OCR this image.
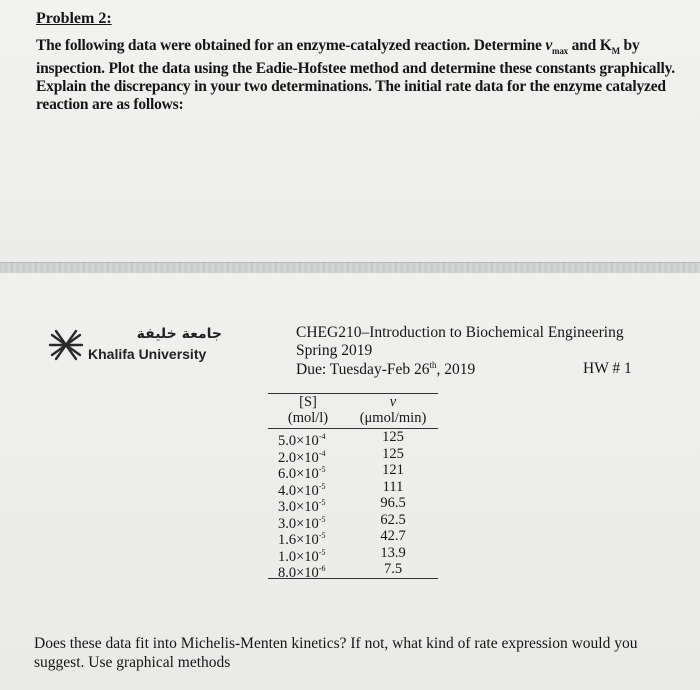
Problem 2:
The following data were obtained for an enzyme-catalyzed reaction. Determine $v_{max}$ and $K_M$ by inspection. Plot the data using the Eadie-Hofstee method and determine these constants graphically. Explain the discrepancy in your two determinations. The initial rate data for the enzyme catalyzed reaction are as follows:
جامعة خليفة
Khalifa University
CHEG210–Introduction to Biochemical Engineering
Spring 2019
Due: Tuesday-Feb 26th, 2019	HW # 1
[S]	v
(mol/l)	(μmol/min)
$5.0\times 10^{-4}$	125
$2.0\times 10^{-4}$	125
$6.0\times 10^{-5}$	121
$4.0\times 10^{-5}$	111
$3.0\times 10^{-5}$	96.5
$3.0\times 10^{-5}$	62.5
$1.6\times 10^{-5}$	42.7
$1.0\times 10^{-5}$	13.9
$8.0\times 10^{-6}$	7.5
Does these data fit into Michelis-Menten kinetics? If not, what kind of rate expression would you suggest. Use graphical methods
